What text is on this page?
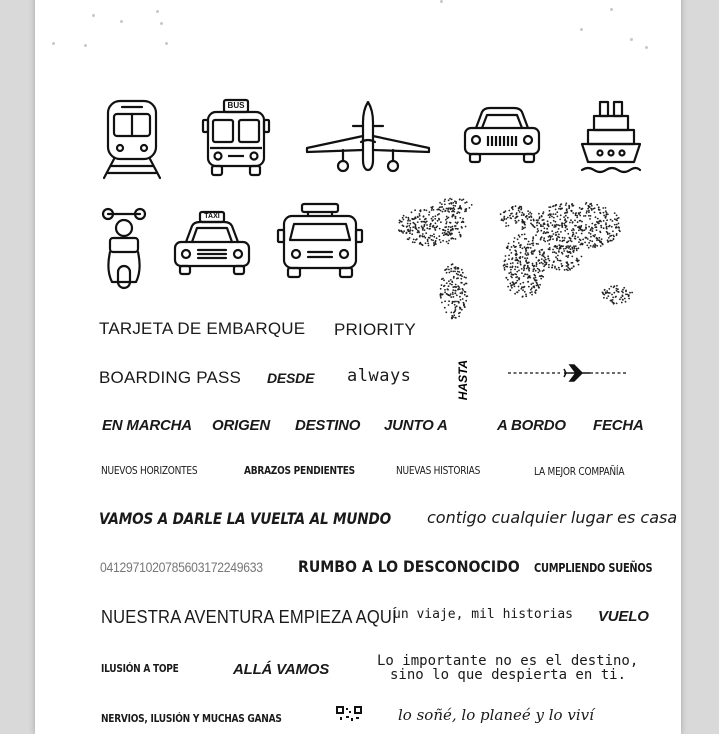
BUS
TAXI
TARJETA DE EMBARQUE PRIORITY
BOARDING PASS DESDE always	HASTA
EN MARCHA ORIGEN DESTINO JUNTO A	A BORDO FECHA
NUEVOS HORIZONTES	ABRAZOS PENDIENTES	NUEVAS HISTORIAS	LA MEJOR COMPAÑÍA
VAMOS A DARLE LA VUELTA AL MUNDO contigo cualquier lugar es casa
0412971020785603172249633 RUMBO A LO DESCONOCIDO CUMPLIENDO SUEÑOS
NUESTRA AVENTURA EMPIEZA AQUÍ
un viaje, mil historias VUELO
ILUSIÓN A TOPE	ALLÁ VAMOS	Lo importante no es el destino,
sino lo que despierta en ti.
NERVIOS, ILUSIÓN Y MUCHAS GANAS	lo soñé, lo planeé y lo viví
